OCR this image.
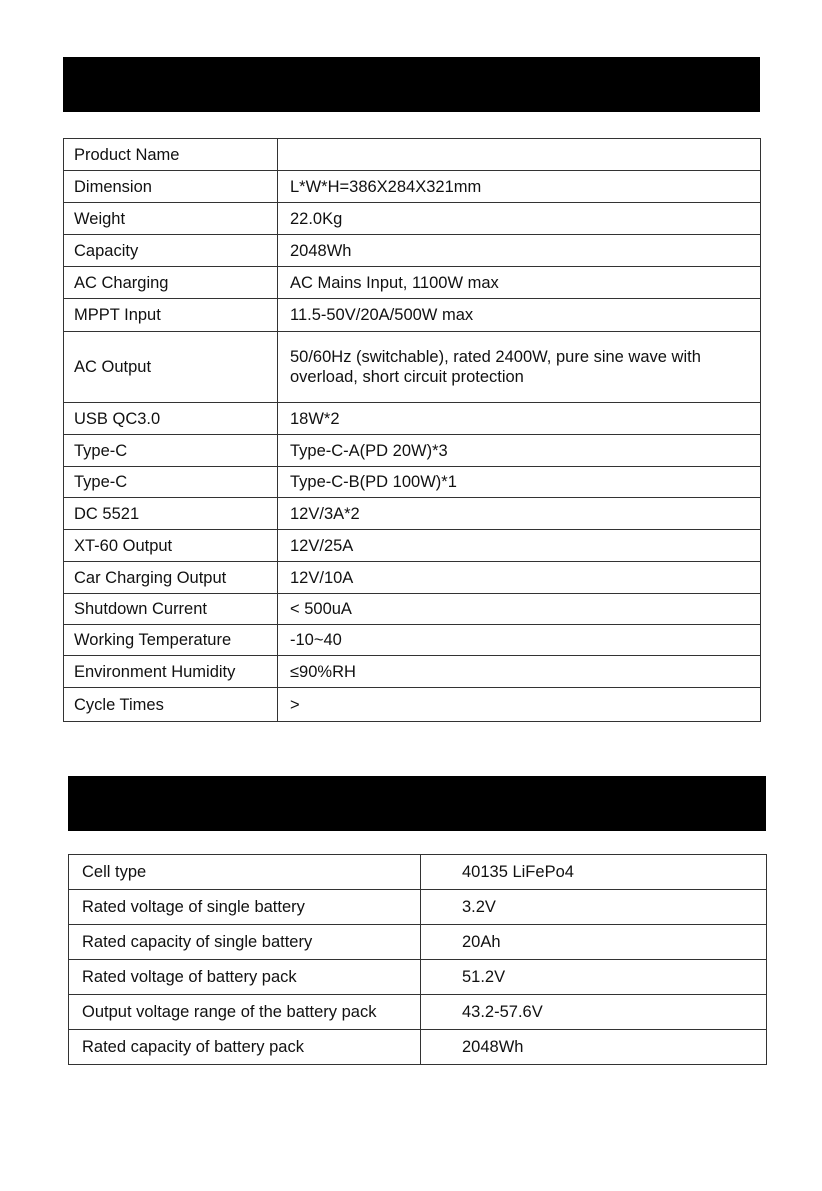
Product Name	
Dimension	L*W*H=386X284X321mm
Weight	22.0Kg
Capacity	2048Wh
AC Charging	AC Mains Input, 1100W max
MPPT Input	11.5-50V/20A/500W max
AC Output	50/60Hz (switchable), rated 2400W, pure sine wave with overload, short circuit protection
USB QC3.0	18W*2
Type-C	Type-C-A(PD 20W)*3
Type-C	Type-C-B(PD 100W)*1
DC 5521	12V/3A*2
XT-60 Output	12V/25A
Car Charging Output	12V/10A
Shutdown Current	< 500uA
Working Temperature	-10~40
Environment Humidity	≤90%RH
Cycle Times	>
Cell type	40135 LiFePo4
Rated voltage of single battery	3.2V
Rated capacity of single battery	20Ah
Rated voltage of battery pack	51.2V
Output voltage range of the battery pack	43.2-57.6V
Rated capacity of battery pack	2048Wh
